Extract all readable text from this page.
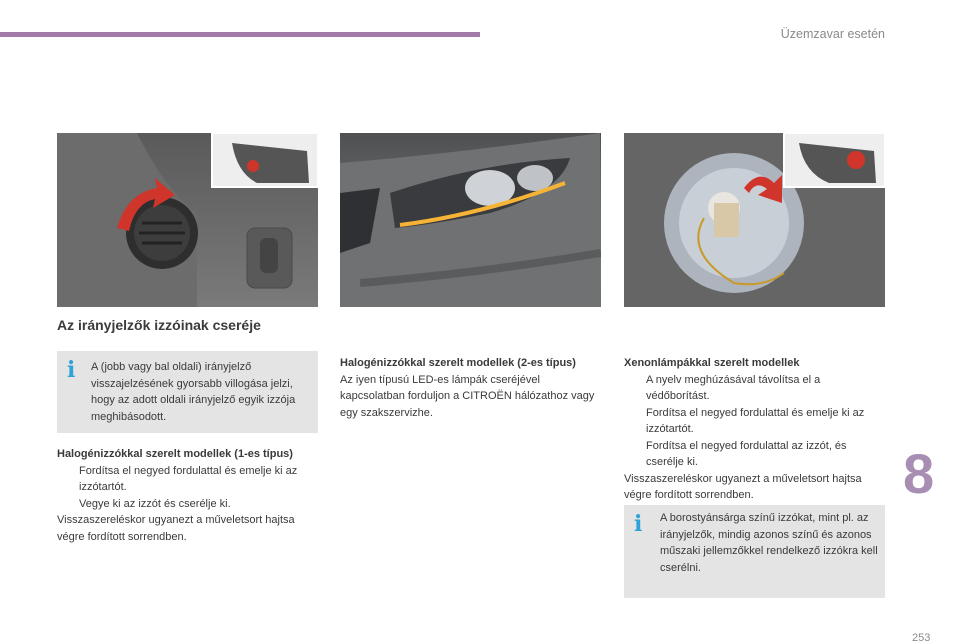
Üzemzavar esetén
Az irányjelzők izzóinak cseréje
i A (jobb vagy bal oldali) irányjelző visszajelzésének gyorsabb villogása jelzi, hogy az adott oldali irányjelző egyik izzója meghibásodott.
Halogénizzókkal szerelt modellek (1-es típus)
Fordítsa el negyed fordulattal és emelje ki az izzótartót.
Vegye ki az izzót és cserélje ki.
Visszaszereléskor ugyanezt a műveletsort hajtsa végre fordított sorrendben.
Halogénizzókkal szerelt modellek (2-es típus)
Az iyen típusú LED-es lámpák cseréjével kapcsolatban forduljon a CITROËN hálózathoz vagy egy szakszervizhe.
Xenonlámpákkal szerelt modellek
A nyelv meghúzásával távolítsa el a védőborítást.
Fordítsa el negyed fordulattal és emelje ki az izzótartót.
Fordítsa el negyed fordulattal az izzót, és cserélje ki.
Visszaszereléskor ugyanezt a műveletsort hajtsa végre fordított sorrendben.
i A borostyánsárga színű izzókat, mint pl. az irányjelzők, mindig azonos színű és azonos műszaki jellemzőkkel rendelkező izzókra kell cserélni.
8
253
